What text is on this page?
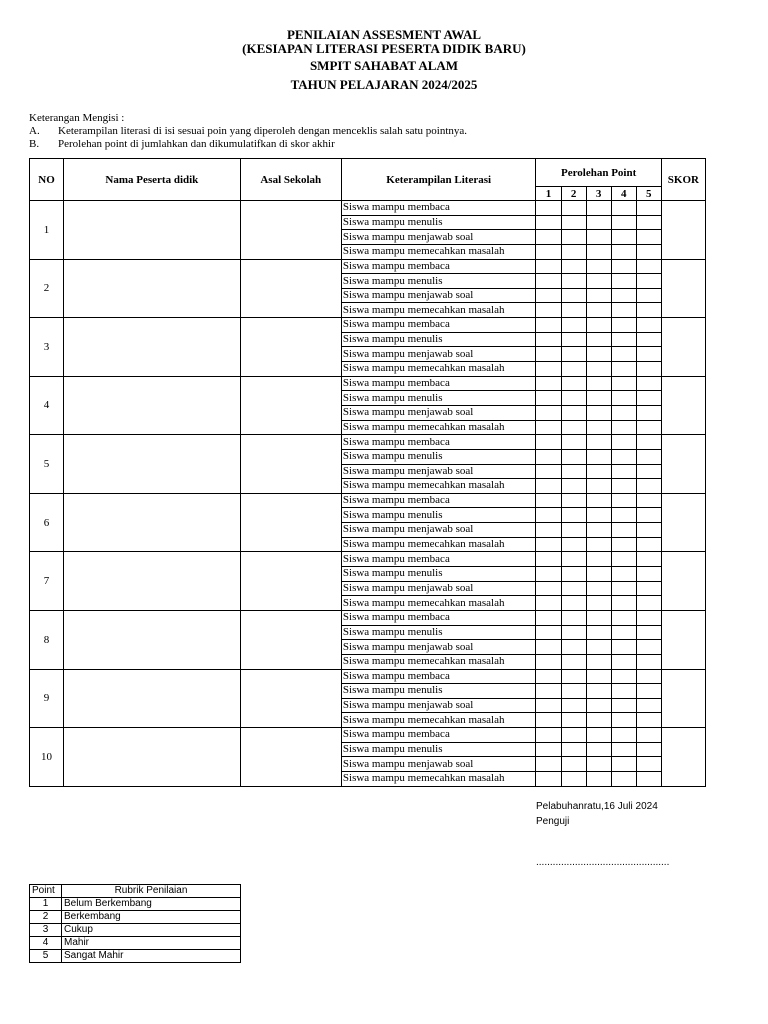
PENILAIAN ASSESMENT AWAL
(KESIAPAN LITERASI PESERTA DIDIK BARU)
SMPIT SAHABAT ALAM
TAHUN PELAJARAN 2024/2025
Keterangan Mengisi :
A. Keterampilan literasi di isi sesuai poin yang diperoleh dengan menceklis salah satu pointnya.
B. Perolehan point di jumlahkan dan dikumulatifkan di skor akhir
NO	Nama Peserta didik	Asal Sekolah	Keterampilan Literasi	Perolehan Point					SKOR
				1	2	3	4	5	
1			Siswa mampu membaca						
			Siswa mampu menulis						
			Siswa mampu menjawab soal						
			Siswa mampu memecahkan masalah						
2			Siswa mampu membaca						
			Siswa mampu menulis						
			Siswa mampu menjawab soal						
			Siswa mampu memecahkan masalah						
3			Siswa mampu membaca						
			Siswa mampu menulis						
			Siswa mampu menjawab soal						
			Siswa mampu memecahkan masalah						
4			Siswa mampu membaca						
			Siswa mampu menulis						
			Siswa mampu menjawab soal						
			Siswa mampu memecahkan masalah						
5			Siswa mampu membaca						
			Siswa mampu menulis						
			Siswa mampu menjawab soal						
			Siswa mampu memecahkan masalah						
6			Siswa mampu membaca						
			Siswa mampu menulis						
			Siswa mampu menjawab soal						
			Siswa mampu memecahkan masalah						
7			Siswa mampu membaca						
			Siswa mampu menulis						
			Siswa mampu menjawab soal						
			Siswa mampu memecahkan masalah						
8			Siswa mampu membaca						
			Siswa mampu menulis						
			Siswa mampu menjawab soal						
			Siswa mampu memecahkan masalah						
9			Siswa mampu membaca						
			Siswa mampu menulis						
			Siswa mampu menjawab soal						
			Siswa mampu memecahkan masalah						
10			Siswa mampu membaca						
			Siswa mampu menulis						
			Siswa mampu menjawab soal						
			Siswa mampu memecahkan masalah						
Pelabuhanratu,16 Juli 2024
Penguji
................................................
Point	Rubrik Penilaian
1	Belum Berkembang
2	Berkembang
3	Cukup
4	Mahir
5	Sangat Mahir
